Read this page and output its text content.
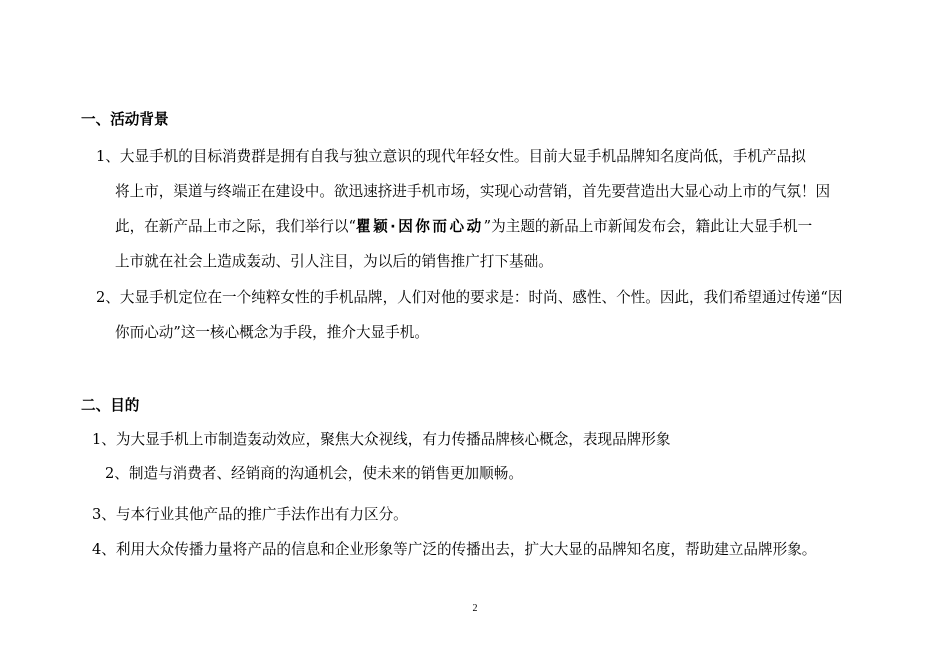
一、活动背景
1、大显手机的目标消费群是拥有自我与独立意识的现代年轻女性。目前大显手机品牌知名度尚低，手机产品拟
将上市，渠道与终端正在建设中。欲迅速挤进手机市场，实现心动营销，首先要营造出大显心动上市的气氛！因
此，在新产品上市之际，我们举行以“瞿颖·因你而心动”为主题的新品上市新闻发布会，籍此让大显手机一
上市就在社会上造成轰动、引人注目，为以后的销售推广打下基础。
2、大显手机定位在一个纯粹女性的手机品牌，人们对他的要求是：时尚、感性、个性。因此，我们希望通过传递“因
你而心动”这一核心概念为手段，推介大显手机。
二、目的
1、为大显手机上市制造轰动效应，聚焦大众视线，有力传播品牌核心概念，表现品牌形象
2、制造与消费者、经销商的沟通机会，使未来的销售更加顺畅。
3、与本行业其他产品的推广手法作出有力区分。
4、利用大众传播力量将产品的信息和企业形象等广泛的传播出去，扩大大显的品牌知名度，帮助建立品牌形象。
2
